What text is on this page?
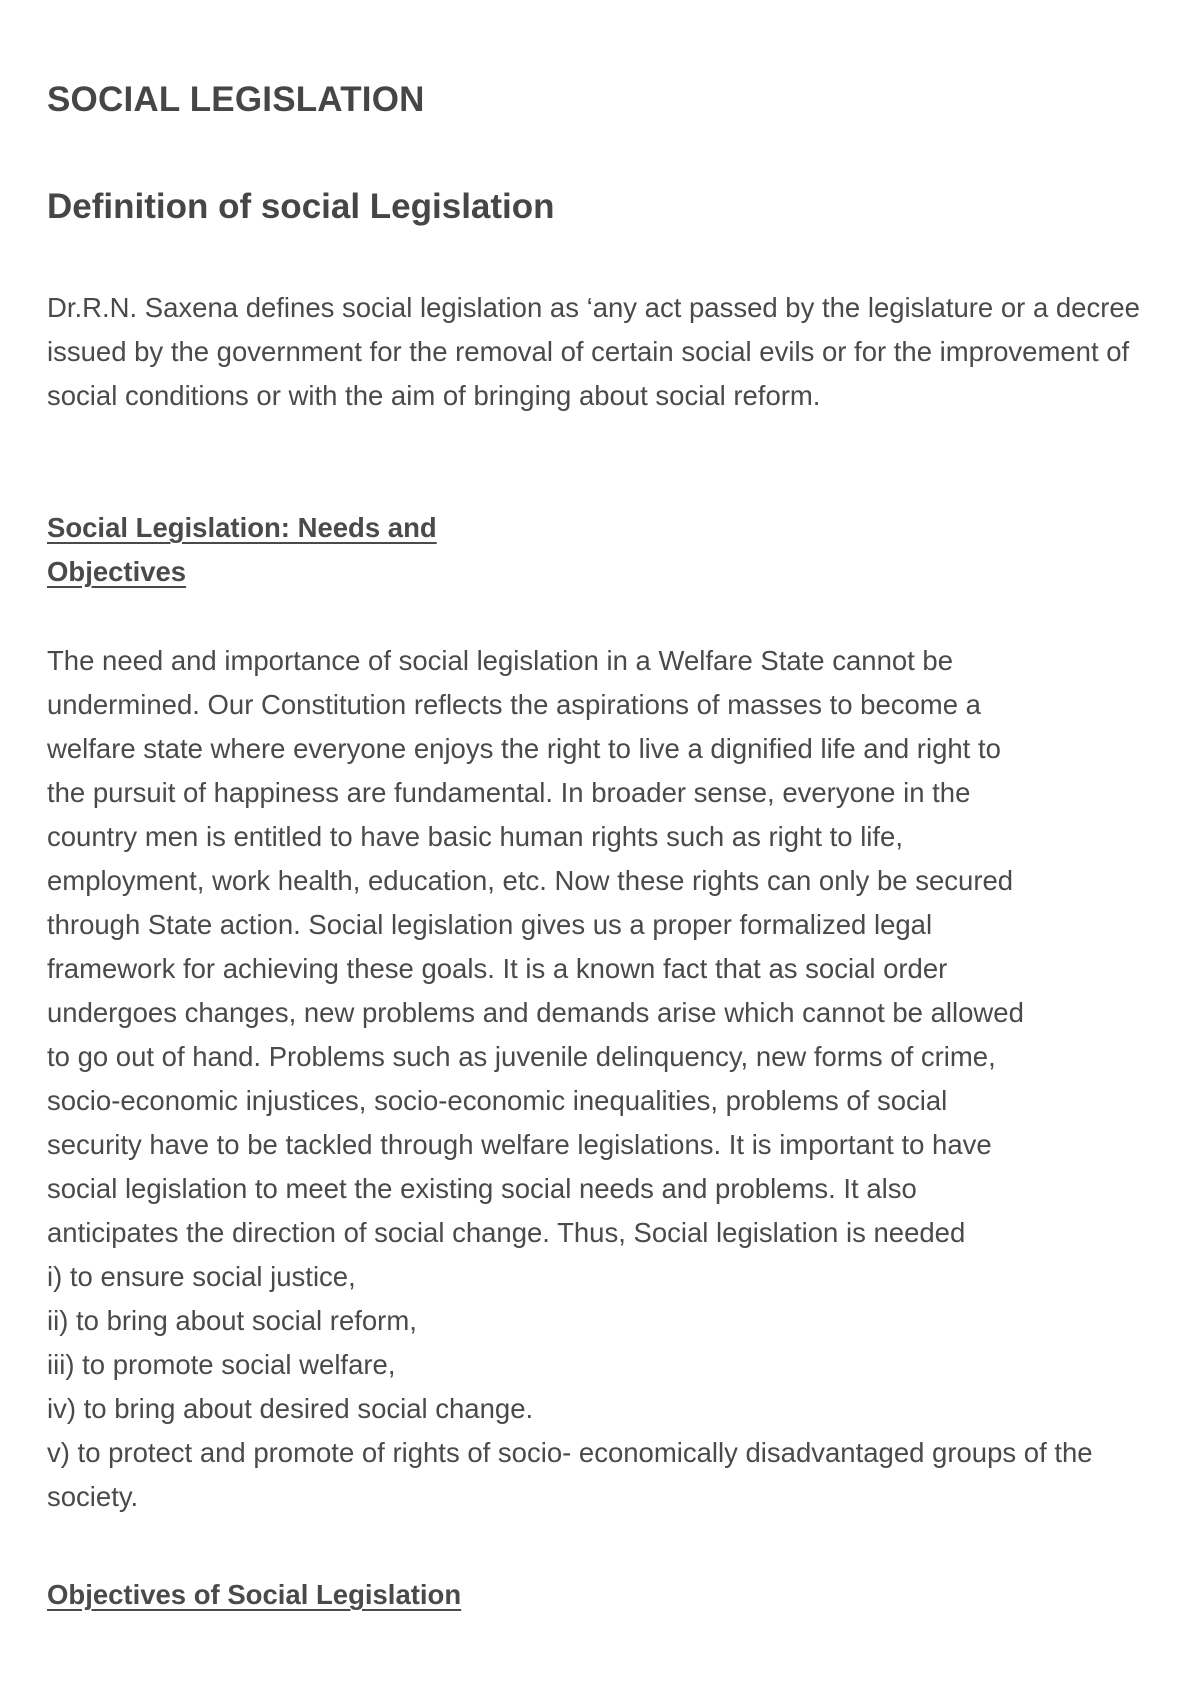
SOCIAL LEGISLATION
Definition of social Legislation

Dr.R.N. Saxena defines social legislation as ‘any act passed by the legislature or a decree issued by the government for the removal of certain social evils or for the improvement of social conditions or with the aim of bringing about social reform.

Social Legislation: Needs and Objectives

The need and importance of social legislation in a Welfare State cannot be
undermined. Our Constitution reflects the aspirations of masses to become a
welfare state where everyone enjoys the right to live a dignified life and right to
the pursuit of happiness are fundamental. In broader sense, everyone in the
country men is entitled to have basic human rights such as right to life,
employment, work health, education, etc. Now these rights can only be secured
through State action. Social legislation gives us a proper formalized legal
framework for achieving these goals. It is a known fact that as social order
undergoes changes, new problems and demands arise which cannot be allowed
to go out of hand. Problems such as juvenile delinquency, new forms of crime,
socio-economic injustices, socio-economic inequalities, problems of social
security have to be tackled through welfare legislations. It is important to have
social legislation to meet the existing social needs and problems. It also
anticipates the direction of social change. Thus, Social legislation is needed

i) to ensure social justice,
ii) to bring about social reform,
iii) to promote social welfare,
iv) to bring about desired social change.
v) to protect and promote of rights of socio- economically disadvantaged groups of the society.
Objectives of Social Legislation
